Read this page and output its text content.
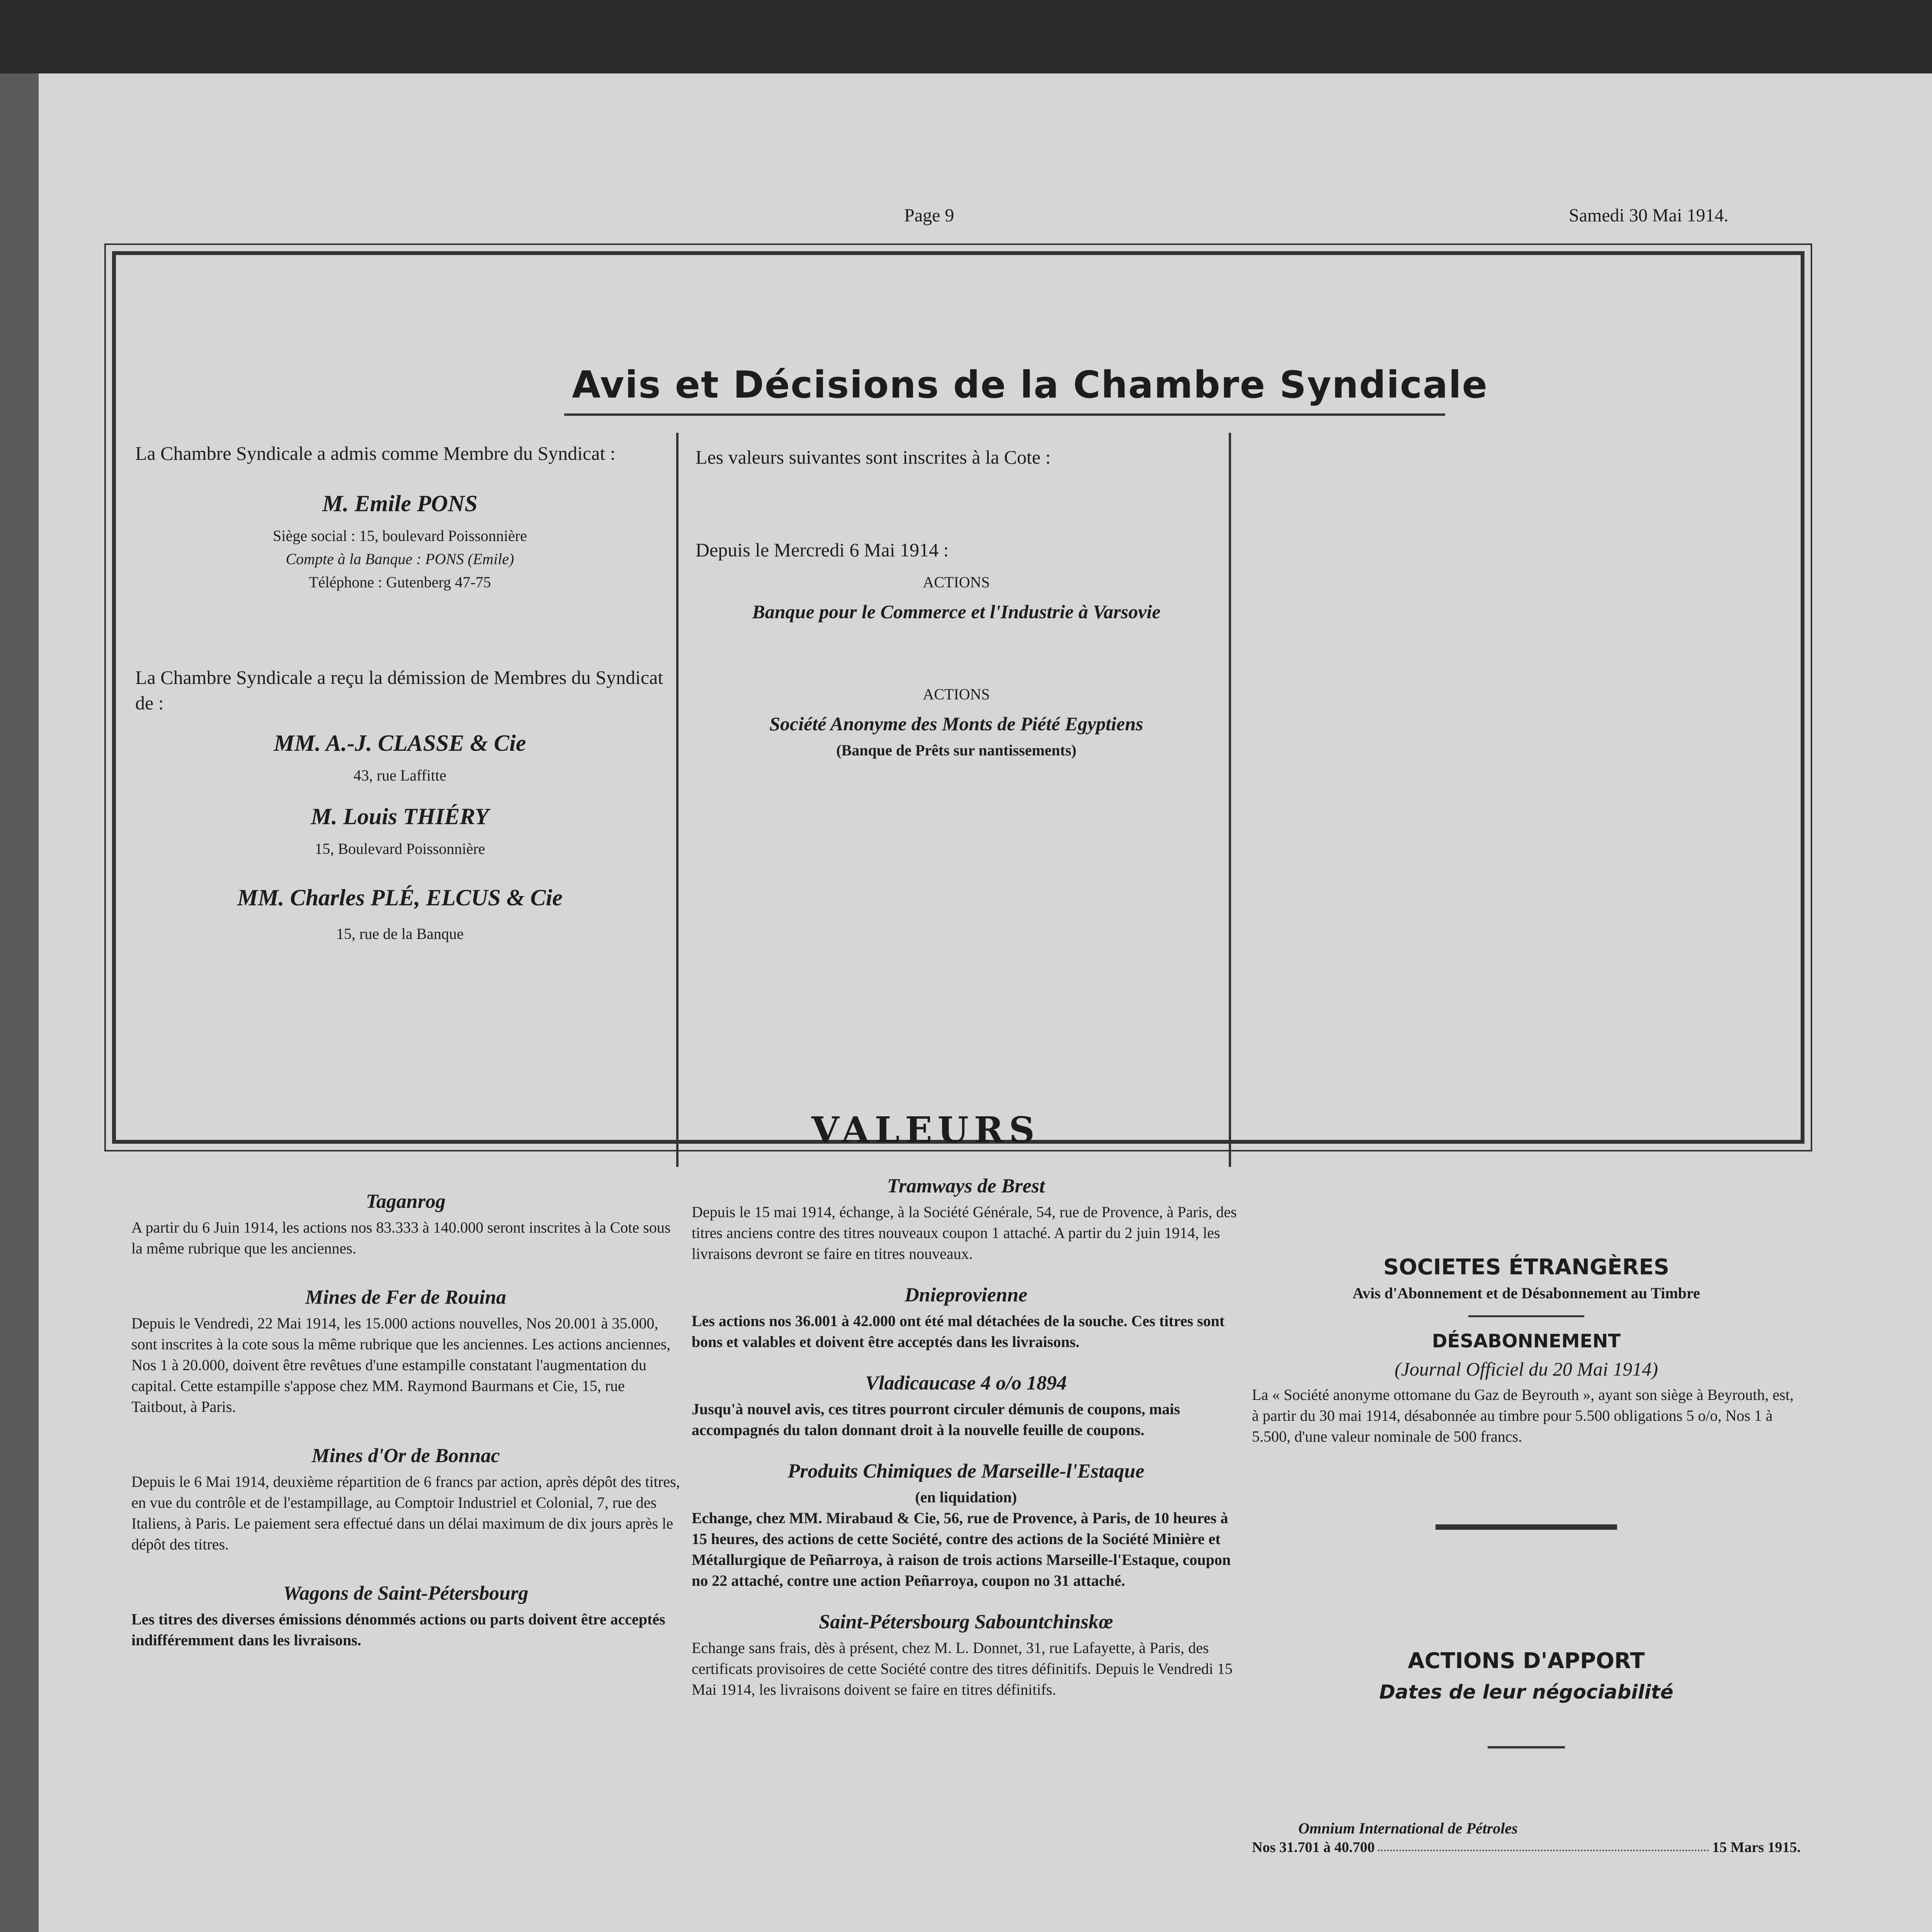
Page 9	Samedi 30 Mai 1914.
Avis et Décisions de la Chambre Syndicale
La Chambre Syndicale a admis comme Membre du Syndicat :
M. Emile PONS
Siège social : 15, boulevard Poissonnière
Compte à la Banque : PONS (Emile)
Téléphone : Gutenberg 47-75
La Chambre Syndicale a reçu la démission de Membres du Syndicat de :
MM. A.-J. CLASSE & Cie
43, rue Laffitte
M. Louis THIÉRY
15, Boulevard Poissonnière
MM. Charles PLÉ, ELCUS & Cie
15, rue de la Banque
Les valeurs suivantes sont inscrites à la Cote :
Depuis le Mercredi 6 Mai 1914 :
ACTIONS
Banque pour le Commerce et l'Industrie à Varsovie
ACTIONS
Société Anonyme des Monts de Piété Egyptiens
(Banque de Prêts sur nantissements)
VALEURS
Taganrog
A partir du 6 Juin 1914, les actions nos 83.333 à 140.000 seront inscrites à la Cote sous la même rubrique que les anciennes.
Mines de Fer de Rouina
Depuis le Vendredi, 22 Mai 1914, les 15.000 actions nouvelles, Nos 20.001 à 35.000, sont inscrites à la cote sous la même rubrique que les anciennes. Les actions anciennes, Nos 1 à 20.000, doivent être revêtues d'une estampille constatant l'augmentation du capital. Cette estampille s'appose chez MM. Raymond Baurmans et Cie, 15, rue Taitbout, à Paris.
Mines d'Or de Bonnac
Depuis le 6 Mai 1914, deuxième répartition de 6 francs par action, après dépôt des titres, en vue du contrôle et de l'estampillage, au Comptoir Industriel et Colonial, 7, rue des Italiens, à Paris. Le paiement sera effectué dans un délai maximum de dix jours après le dépôt des titres.
Wagons de Saint-Pétersbourg
Les titres des diverses émissions dénommés actions ou parts doivent être acceptés indifféremment dans les livraisons.
Tramways de Brest
Depuis le 15 mai 1914, échange, à la Société Générale, 54, rue de Provence, à Paris, des titres anciens contre des titres nouveaux coupon 1 attaché. A partir du 2 juin 1914, les livraisons devront se faire en titres nouveaux.
Dnieprovienne
Les actions nos 36.001 à 42.000 ont été mal détachées de la souche. Ces titres sont bons et valables et doivent être acceptés dans les livraisons.
Vladicaucase 4 o/o 1894
Jusqu'à nouvel avis, ces titres pourront circuler démunis de coupons, mais accompagnés du talon donnant droit à la nouvelle feuille de coupons.
Produits Chimiques de Marseille-l'Estaque
(en liquidation)
Echange, chez MM. Mirabaud & Cie, 56, rue de Provence, à Paris, de 10 heures à 15 heures, des actions de cette Société, contre des actions de la Société Minière et Métallurgique de Peñarroya, à raison de trois actions Marseille-l'Estaque, coupon no 22 attaché, contre une action Peñarroya, coupon no 31 attaché.
Saint-Pétersbourg Sabountchinskœ
Echange sans frais, dès à présent, chez M. L. Donnet, 31, rue Lafayette, à Paris, des certificats provisoires de cette Société contre des titres définitifs. Depuis le Vendredi 15 Mai 1914, les livraisons doivent se faire en titres définitifs.
SOCIETES ÉTRANGÈRES
Avis d'Abonnement et de Désabonnement au Timbre
DÉSABONNEMENT
(Journal Officiel du 20 Mai 1914)
La « Société anonyme ottomane du Gaz de Beyrouth », ayant son siège à Beyrouth, est, à partir du 30 mai 1914, désabonnée au timbre pour 5.500 obligations 5 o/o, Nos 1 à 5.500, d'une valeur nominale de 500 francs.
ACTIONS D'APPORT
Dates de leur négociabilité
Omnium International de Pétroles
Nos 31.701 à 40.700	15 Mars 1915.
